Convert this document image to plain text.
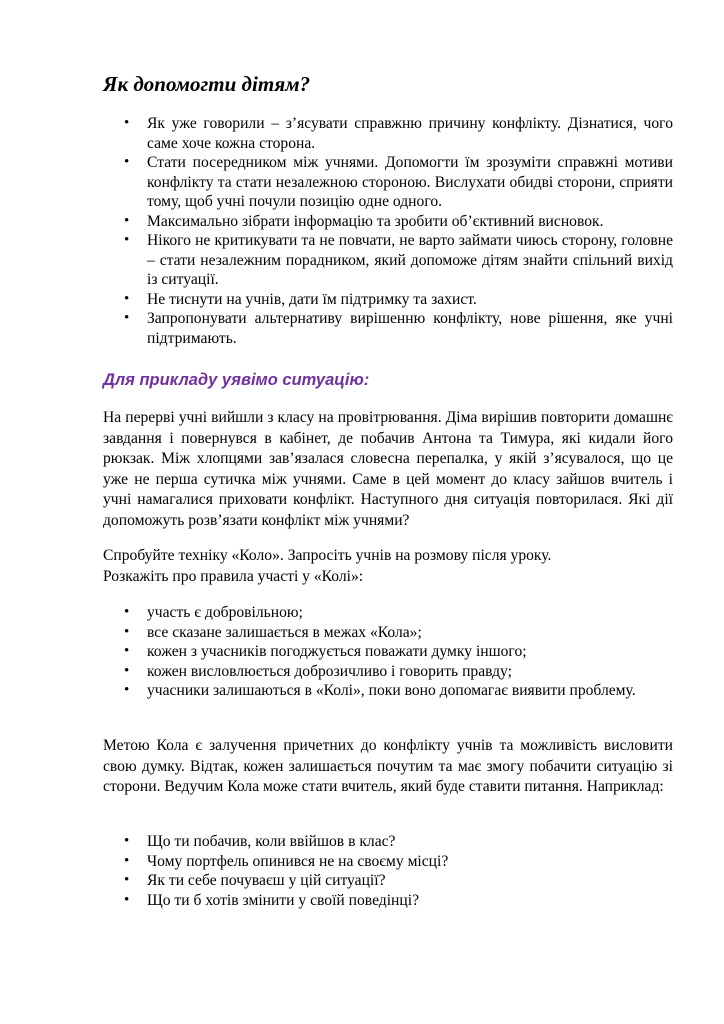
Як допомогти дітям?
• Як уже говорили – з’ясувати справжню причину конфлікту. Дізнатися, чого саме хоче кожна сторона.
• Стати посередником між учнями. Допомогти їм зрозуміти справжні мотиви конфлікту та стати незалежною стороною. Вислухати обидві сторони, сприяти тому, щоб учні почули позицію одне одного.
• Максимально зібрати інформацію та зробити об’єктивний висновок.
• Нікого не критикувати та не повчати, не варто займати чиюсь сторону, головне – стати незалежним порадником, який допоможе дітям знайти спільний вихід із ситуації.
• Не тиснути на учнів, дати їм підтримку та захист.
• Запропонувати альтернативу вирішенню конфлікту, нове рішення, яке учні підтримають.
Для прикладу уявімо ситуацію:

На перерві учні вийшли з класу на провітрювання. Діма вирішив повторити домашнє завдання і повернувся в кабінет, де побачив Антона та Тимура, які кидали його рюкзак. Між хлопцями зав’язалася словесна перепалка, у якій з’ясувалося, що це уже не перша сутичка між учнями. Саме в цей момент до класу зайшов вчитель і учні намагалися приховати конфлікт. Наступного дня ситуація повторилася. Які дії допоможуть розв’язати конфлікт між учнями?

Спробуйте техніку «Коло». Запросіть учнів на розмову після уроку.

Розкажіть про правила участі у «Колі»:

• участь є добровільною;
• все сказане залишається в межах «Кола»;
• кожен з учасників погоджується поважати думку іншого;
• кожен висловлюється доброзичливо і говорить правду;
• учасники залишаються в «Колі», поки воно допомагає виявити проблему.

Метою Кола є залучення причетних до конфлікту учнів та можливість висловити свою думку. Відтак, кожен залишається почутим та має змогу побачити ситуацію зі сторони. Ведучим Кола може стати вчитель, який буде ставити питання. Наприклад:

• Що ти побачив, коли ввійшов в клас?
• Чому портфель опинився не на своєму місці?
• Як ти себе почуваєш у цій ситуації?
• Що ти б хотів змінити у своїй поведінці?
